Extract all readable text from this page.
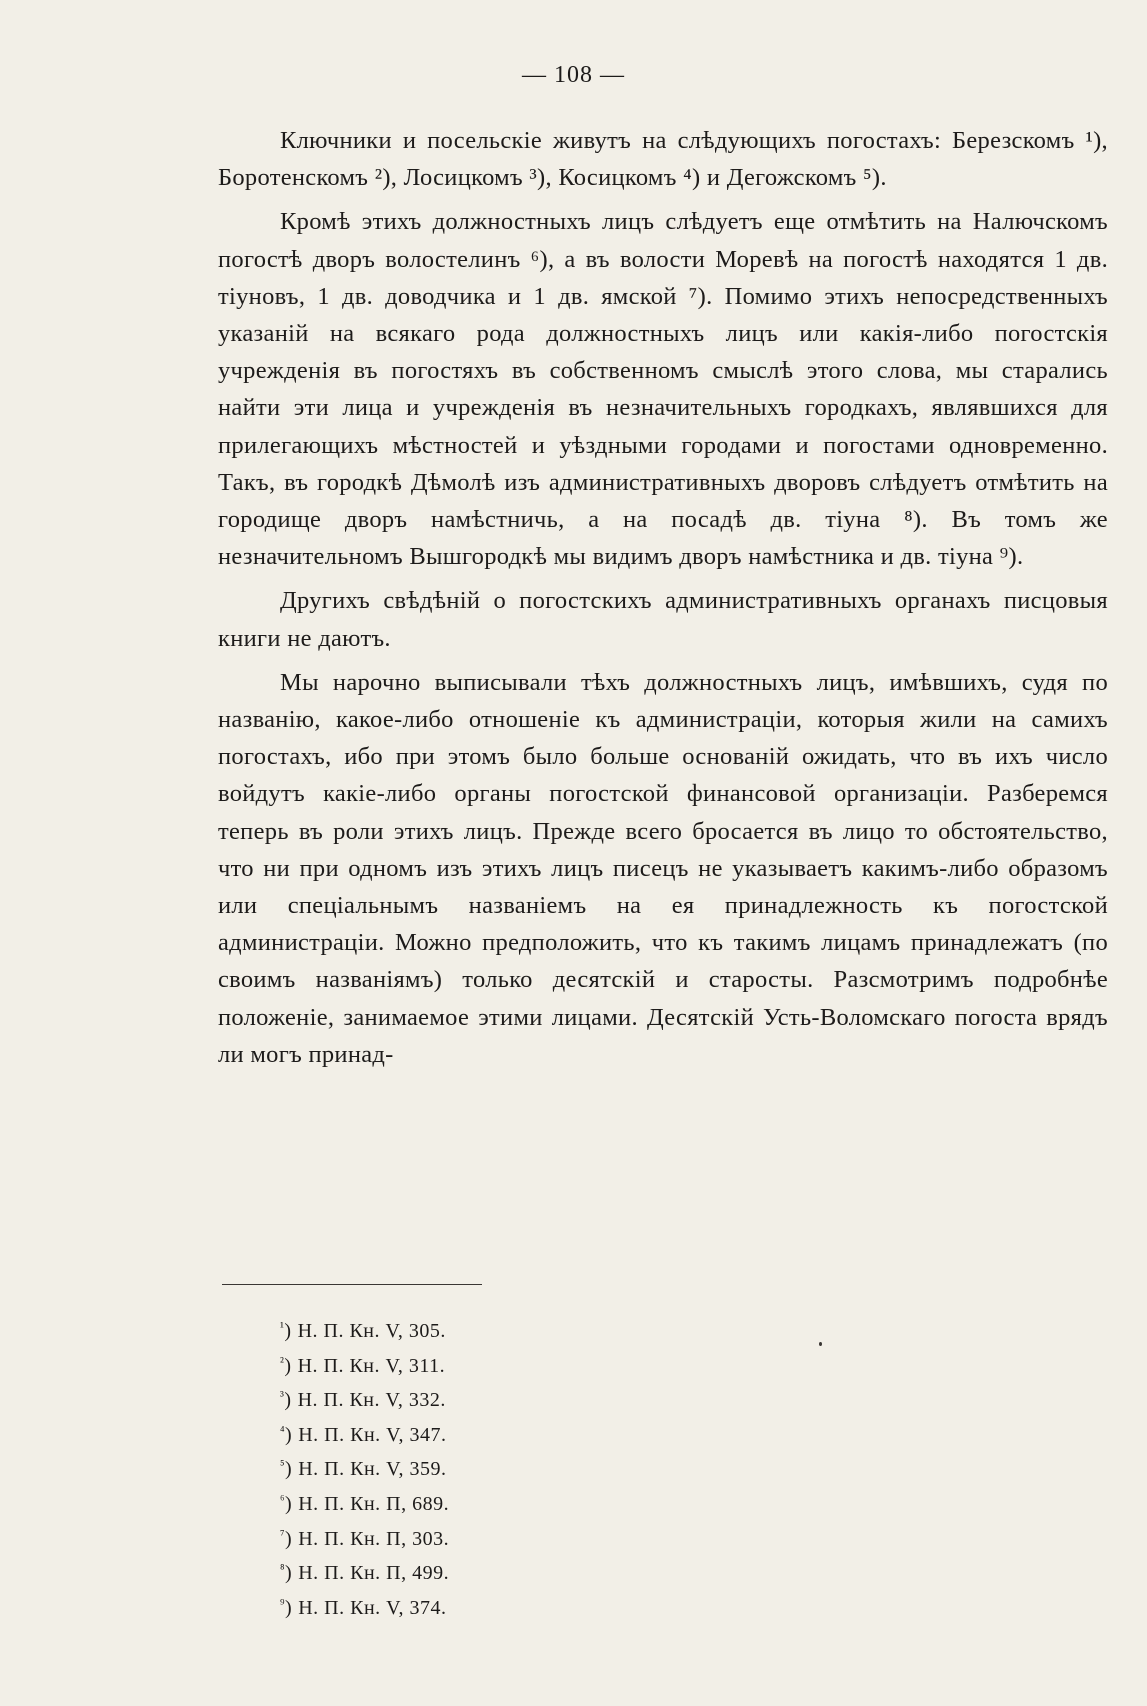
— 108 —

Ключники и посельскіе живутъ на слѣдующихъ погостахъ: Березскомъ ¹), Боротенскомъ ²), Лосицкомъ ³), Косицкомъ ⁴) и Дегожскомъ ⁵).

Кромѣ этихъ должностныхъ лицъ слѣдуетъ еще отмѣтить на Налючскомъ погостѣ дворъ волостелинъ ⁶), а въ волости Моревѣ на погостѣ находятся 1 дв. тіуновъ, 1 дв. доводчика и 1 дв. ямской ⁷). Помимо этихъ непосредственныхъ указаній на всякаго рода должностныхъ лицъ или какія-либо погостскія учрежденія въ погостяхъ въ собственномъ смыслѣ этого слова, мы старались найти эти лица и учрежденія въ незначительныхъ городкахъ, являвшихся для прилегающихъ мѣстностей и уѣздными городами и погостами одновременно. Такъ, въ городкѣ Дѣмолѣ изъ административныхъ дворовъ слѣдуетъ отмѣтить на городище дворъ намѣстничь, а на посадѣ дв. тіуна ⁸). Въ томъ же незначительномъ Вышгородкѣ мы видимъ дворъ намѣстника и дв. тіуна ⁹).

Другихъ свѣдѣній о погостскихъ административныхъ органахъ писцовыя книги не даютъ.

Мы нарочно выписывали тѣхъ должностныхъ лицъ, имѣвшихъ, судя по названію, какое-либо отношеніе къ администраціи, которыя жили на самихъ погостахъ, ибо при этомъ было больше основаній ожидать, что въ ихъ число войдутъ какіе-либо органы погостской финансовой организаціи. Разберемся теперь въ роли этихъ лицъ. Прежде всего бросается въ лицо то обстоятельство, что ни при одномъ изъ этихъ лицъ писецъ не указываетъ какимъ-либо образомъ или спеціальнымъ названіемъ на ея принадлежность къ погостской администраціи. Можно предположить, что къ такимъ лицамъ принадлежатъ (по своимъ названіямъ) только десятскій и старосты. Разсмотримъ подробнѣе положеніе, занимаемое этими лицами. Десятскій Усть-Воломскаго погоста врядъ ли могъ принад-

$^{^1}$) Н. П. Кн. V, 305.
$^{^2}$) Н. П. Кн. V, 311.
$^{^3}$) Н. П. Кн. V, 332.
$^{^4}$) Н. П. Кн. V, 347.
$^{^5}$) Н. П. Кн. V, 359.
$^{^6}$) Н. П. Кн. П, 689.
$^{^7}$) Н. П. Кн. П, 303.
$^{^8}$) Н. П. Кн. П, 499.
$^{^9}$) Н. П. Кн. V, 374.
